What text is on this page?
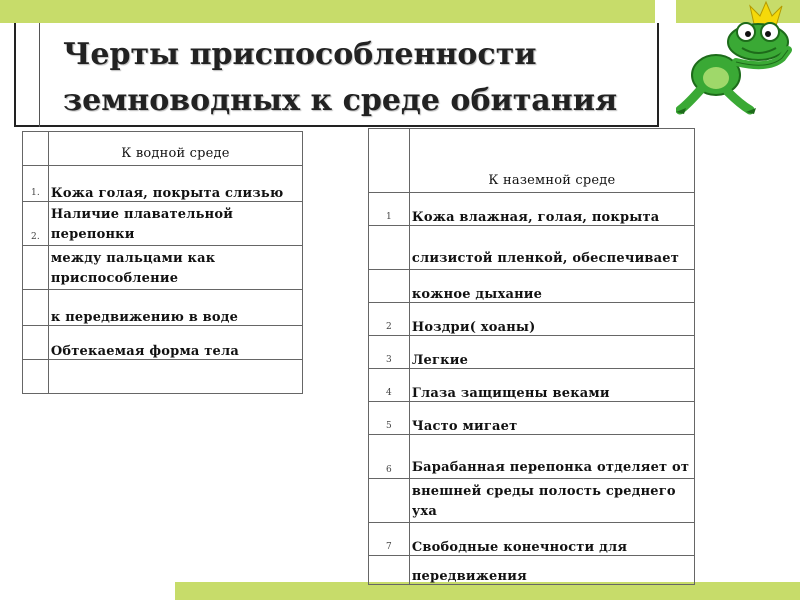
Черты приспособленности земноводных к среде обитания
	К водной среде
1.	Кожа голая, покрыта слизью
2.	Наличие плавательной перепонки
	между пальцами как приспособление
	к передвижению в воде
	Обтекаемая форма тела

	К наземной среде
1	Кожа влажная, голая, покрыта
	слизистой пленкой, обеспечивает
	кожное дыхание
2	Ноздри( хоаны)
3	Легкие
4	Глаза защищены веками
5	Часто мигает
6	Барабанная перепонка отделяет от
	внешней среды полость среднего уха
7	Свободные конечности для
	передвижения
